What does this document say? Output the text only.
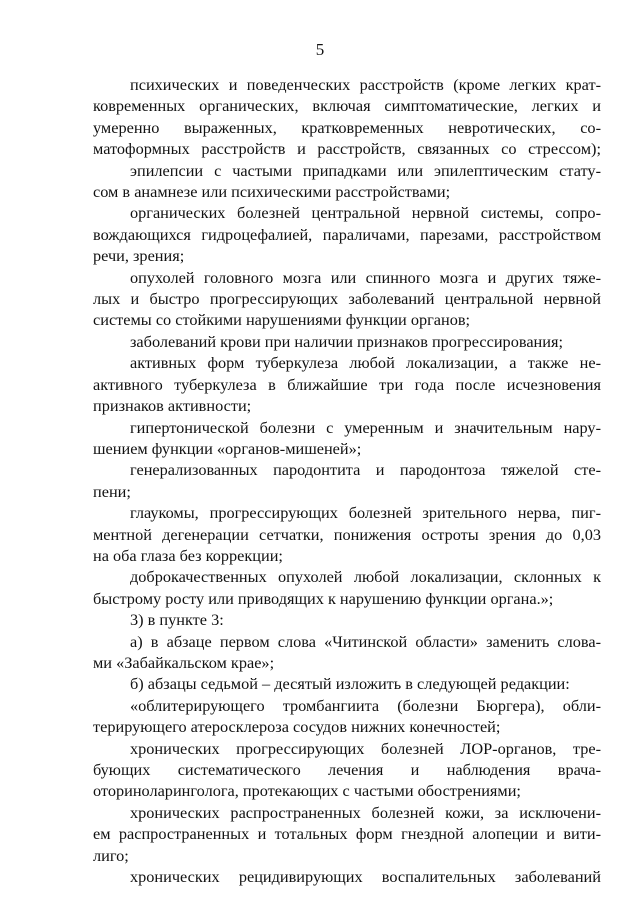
5
психических и поведенческих расстройств (кроме легких крат-
ковременных органических, включая симптоматические, легких и
умеренно выраженных, кратковременных невротических, со-
матоформных расстройств и расстройств, связанных со стрессом);
эпилепсии с частыми припадками или эпилептическим стату-
сом в анамнезе или психическими расстройствами;
органических болезней центральной нервной системы, сопро-
вождающихся гидроцефалией, параличами, парезами, расстройством
речи, зрения;
опухолей головного мозга или спинного мозга и других тяже-
лых и быстро прогрессирующих заболеваний центральной нервной
системы со стойкими нарушениями функции органов;
заболеваний крови при наличии признаков прогрессирования;
активных форм туберкулеза любой локализации, а также не-
активного туберкулеза в ближайшие три года после исчезновения
признаков активности;
гипертонической болезни с умеренным и значительным нару-
шением функции «органов-мишеней»;
генерализованных пародонтита и пародонтоза тяжелой сте-
пени;
глаукомы, прогрессирующих болезней зрительного нерва, пиг-
ментной дегенерации сетчатки, понижения остроты зрения до 0,03
на оба глаза без коррекции;
доброкачественных опухолей любой локализации, склонных к
быстрому росту или приводящих к нарушению функции органа.»;
3) в пункте 3:
а) в абзаце первом слова «Читинской области» заменить слова-
ми «Забайкальском крае»;
б) абзацы седьмой – десятый изложить в следующей редакции:
«облитерирующего тромбангиита (болезни Бюргера), обли-
терирующего атеросклероза сосудов нижних конечностей;
хронических прогрессирующих болезней ЛОР-органов, тре-
бующих систематического лечения и наблюдения врача-
оториноларинголога, протекающих с частыми обострениями;
хронических распространенных болезней кожи, за исключени-
ем распространенных и тотальных форм гнездной алопеции и вити-
лиго;
хронических рецидивирующих воспалительных заболеваний
